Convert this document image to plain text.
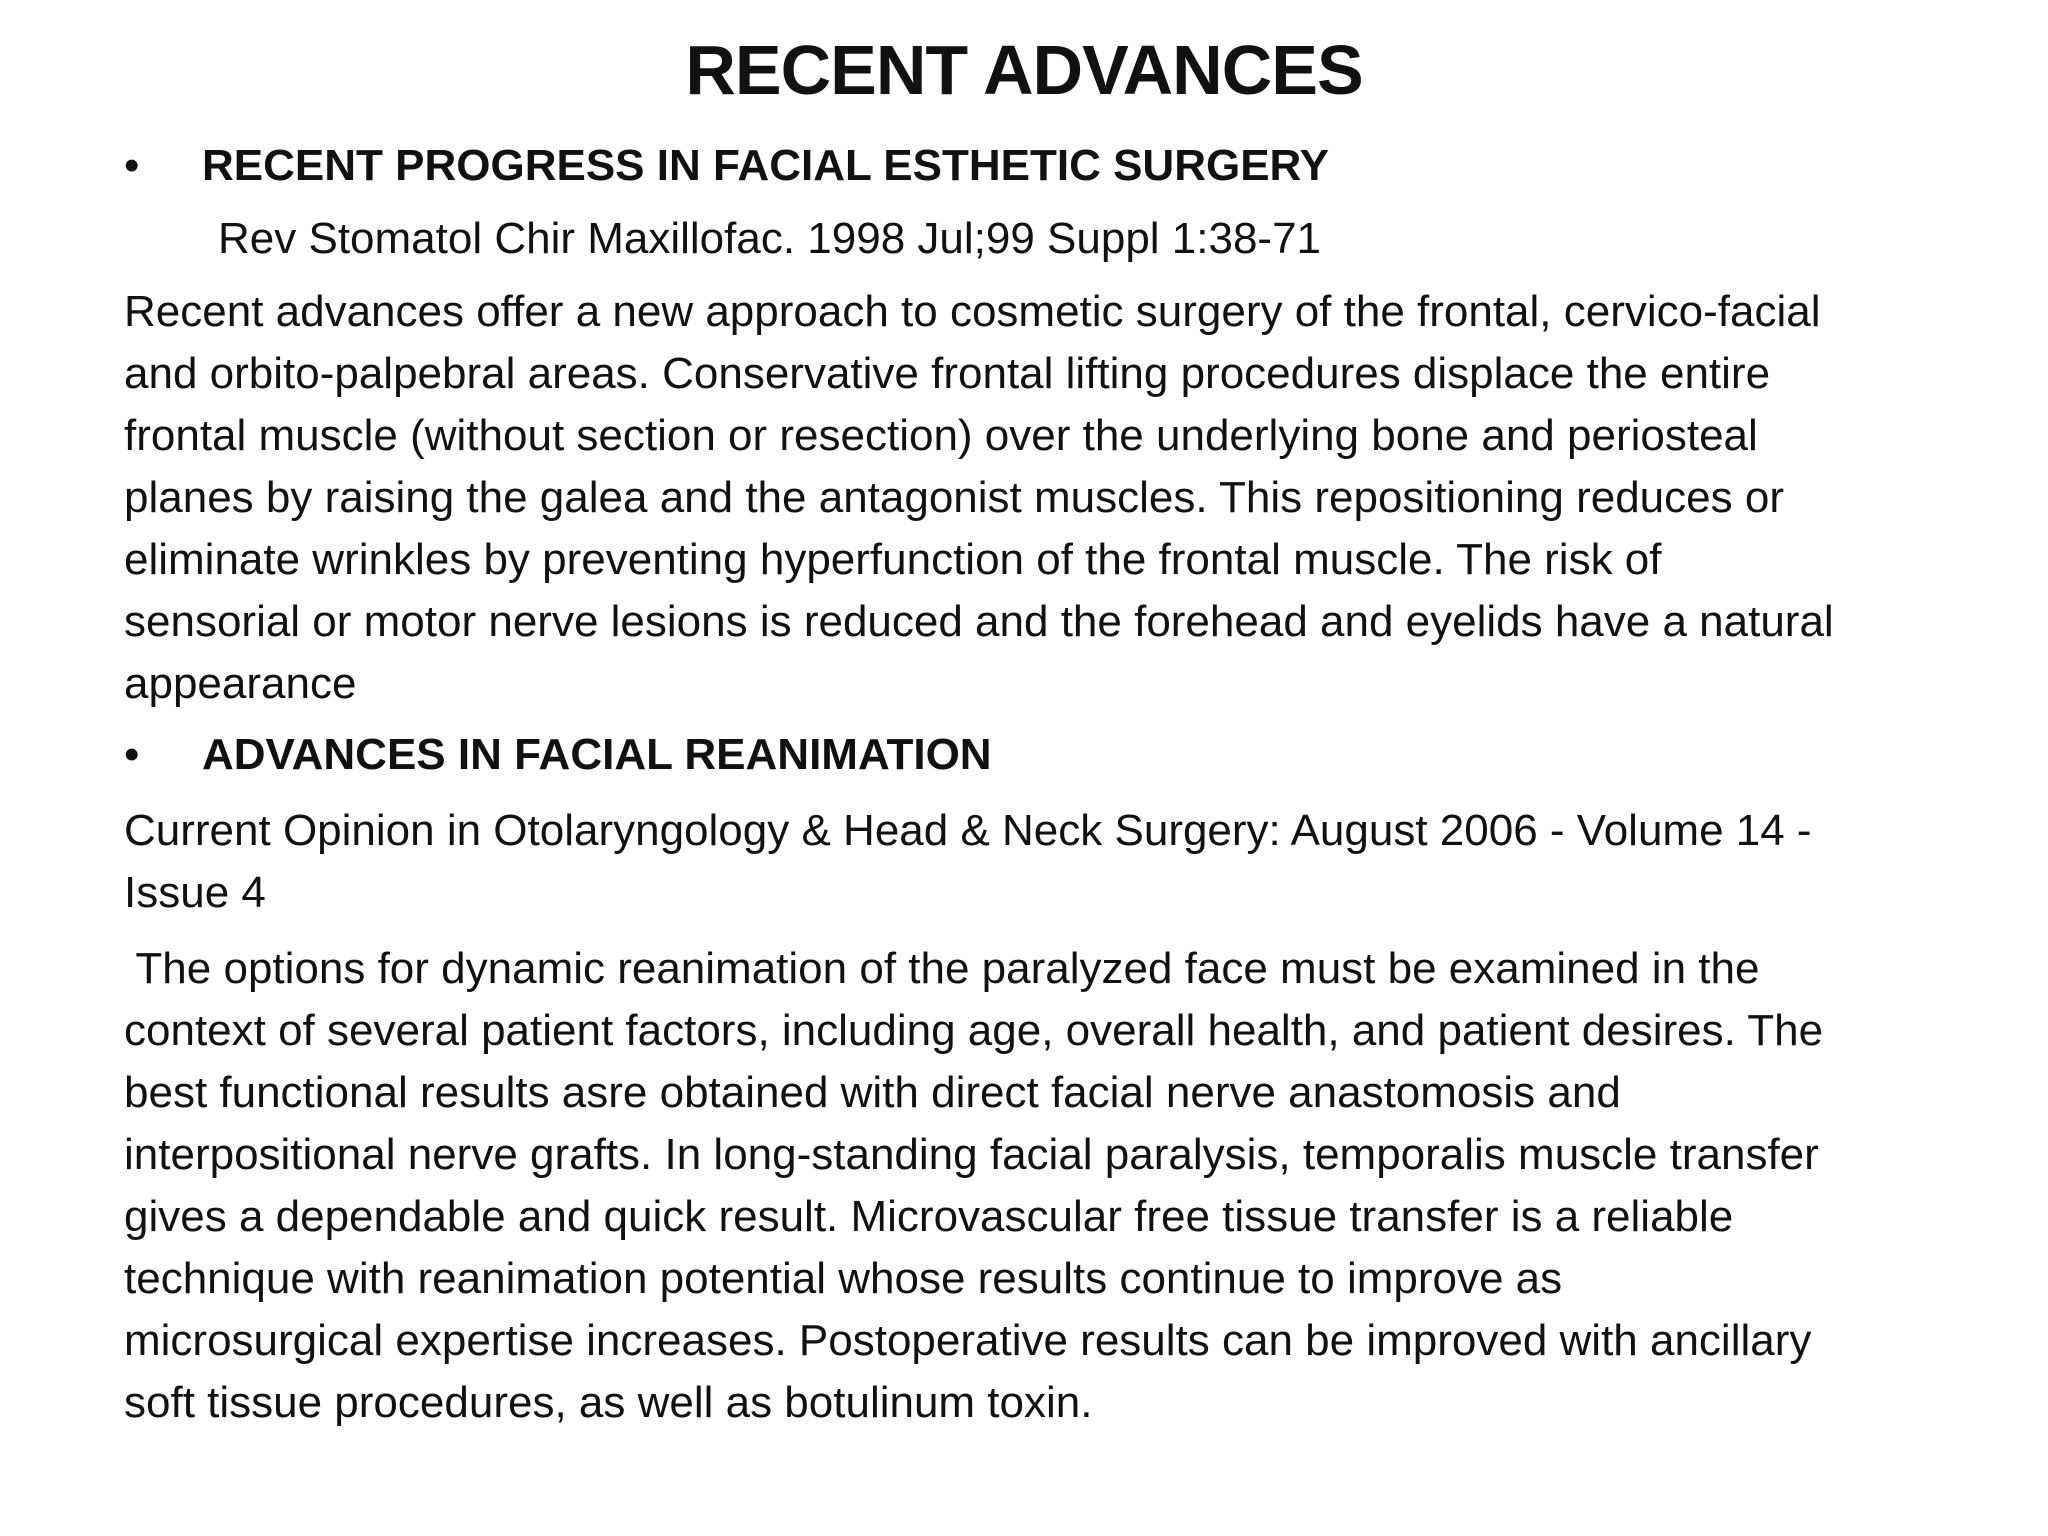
RECENT ADVANCES
• RECENT PROGRESS IN FACIAL ESTHETIC SURGERY
Rev Stomatol Chir Maxillofac. 1998 Jul;99 Suppl 1:38-71
Recent advances offer a new approach to cosmetic surgery of the frontal, cervico-facial
and orbito-palpebral areas. Conservative frontal lifting procedures displace the entire
frontal muscle (without section or resection) over the underlying bone and periosteal
planes by raising the galea and the antagonist muscles. This repositioning reduces or
eliminate wrinkles by preventing hyperfunction of the frontal muscle. The risk of
sensorial or motor nerve lesions is reduced and the forehead and eyelids have a natural
appearance
• ADVANCES IN FACIAL REANIMATION
Current Opinion in Otolaryngology & Head & Neck Surgery: August 2006 - Volume 14 -
Issue 4
The options for dynamic reanimation of the paralyzed face must be examined in the
context of several patient factors, including age, overall health, and patient desires. The
best functional results asre obtained with direct facial nerve anastomosis and
interpositional nerve grafts. In long-standing facial paralysis, temporalis muscle transfer
gives a dependable and quick result. Microvascular free tissue transfer is a reliable
technique with reanimation potential whose results continue to improve as
microsurgical expertise increases. Postoperative results can be improved with ancillary
soft tissue procedures, as well as botulinum toxin.
